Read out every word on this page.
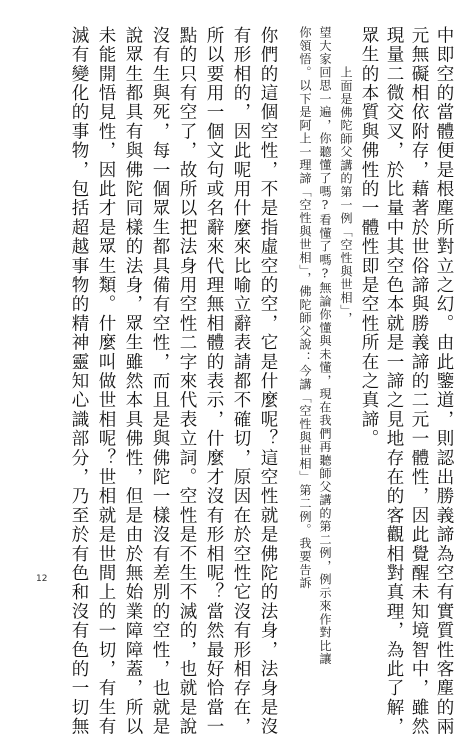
中即空的當體便是根塵所對立之幻。由此鑒道，則認出勝義諦為空有實質性客塵的兩
元無礙相依附存，藉著於世俗諦與勝義諦的二元一體性，因此覺醒未知境智中，雖然
現量二微交叉，於比量中其空色本就是一諦之見地存在的客觀相對真理，為此了解，
眾生的本質與佛性的一體性即是空性所在之真諦。
上面是佛陀師父講的第一例「空性與世相」，
望大家回思一遍，你聽懂了嗎?看懂了嗎?無論你懂與未懂，現在我們再聽師父講的第二例，例示來作對比讓
你領悟。以下是阿上一理諦「空性與世相」，佛陀師父說：今講「空性與世相」第二例。我要告訴
你們的這個空性，不是指虛空的空，它是什麼呢？這空性就是佛陀的法身，法身是沒
有形相的，因此呢用什麼來比喻立辭表請都不確切，原因在於空性它沒有形相存在，
所以要用一個文句或名辭來代理無相體的表示，什麼才沒有形相呢？當然最好恰當一
點的只有空了，故所以把法身用空性二字來代表立詞。空性是不生不滅的，也就是說
沒有生與死，每一個眾生都具備有空性，而且是與佛陀一樣沒有差別的空性，也就是
說眾生都具有與佛陀同樣的法身，眾生雖然本具佛性，但是由於無始業障障蓋，所以
未能開悟見性，因此才是眾生類。什麼叫做世相呢？世相就是世間上的一切，有生有
滅有變化的事物，包括超越事物的精神靈知心識部分，乃至於有色和沒有色的一切無
12
